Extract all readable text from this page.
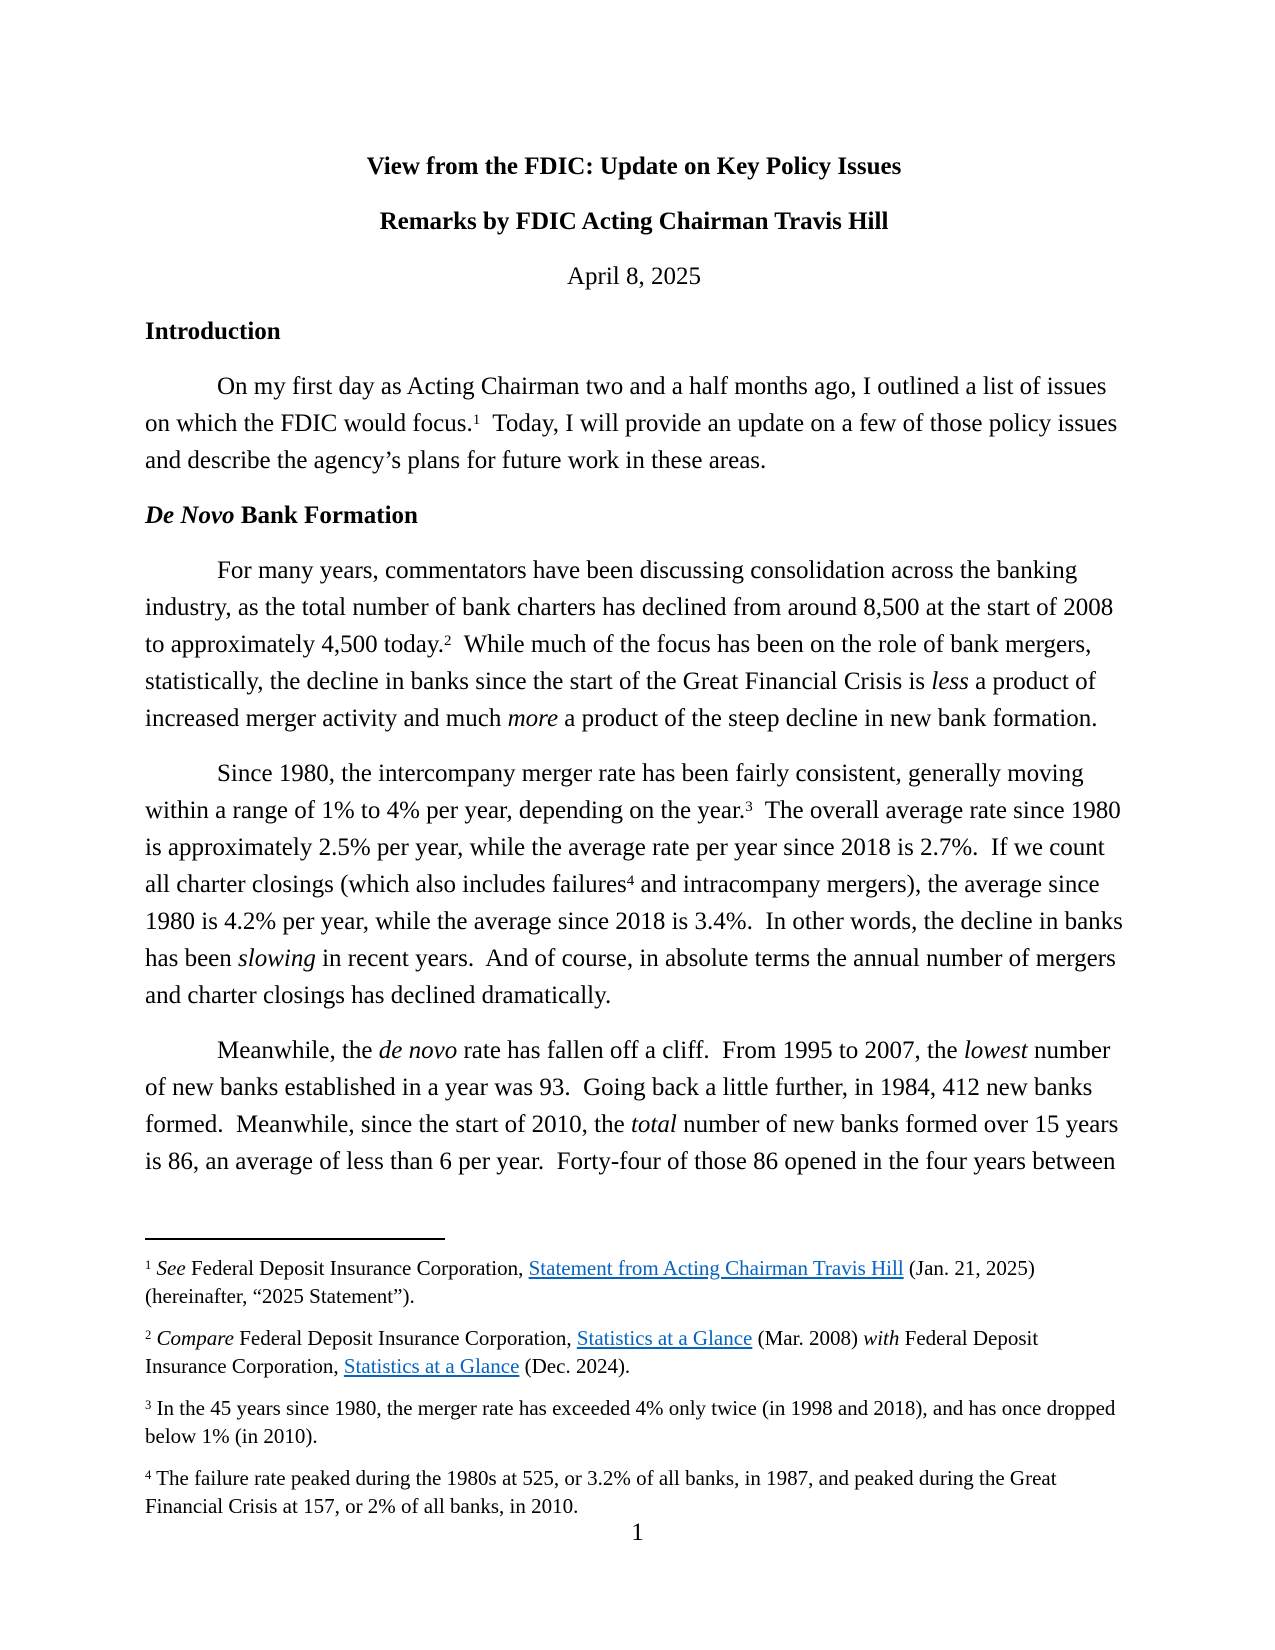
View from the FDIC: Update on Key Policy Issues
Remarks by FDIC Acting Chairman Travis Hill
April 8, 2025
Introduction

On my first day as Acting Chairman two and a half months ago, I outlined a list of issues on which the FDIC would focus.$^1$  Today, I will provide an update on a few of those policy issues and describe the agency’s plans for future work in these areas.

De Novo Bank Formation

For many years, commentators have been discussing consolidation across the banking industry, as the total number of bank charters has declined from around 8,500 at the start of 2008 to approximately 4,500 today.$^2$  While much of the focus has been on the role of bank mergers, statistically, the decline in banks since the start of the Great Financial Crisis is less a product of increased merger activity and much more a product of the steep decline in new bank formation.

Since 1980, the intercompany merger rate has been fairly consistent, generally moving within a range of 1% to 4% per year, depending on the year.$^3$  The overall average rate since 1980 is approximately 2.5% per year, while the average rate per year since 2018 is 2.7%.  If we count all charter closings (which also includes failures$^4$ and intracompany mergers), the average since 1980 is 4.2% per year, while the average since 2018 is 3.4%.  In other words, the decline in banks has been slowing in recent years.  And of course, in absolute terms the annual number of mergers and charter closings has declined dramatically.

Meanwhile, the de novo rate has fallen off a cliff.  From 1995 to 2007, the lowest number of new banks established in a year was 93.  Going back a little further, in 1984, 412 new banks formed.  Meanwhile, since the start of 2010, the total number of new banks formed over 15 years is 86, an average of less than 6 per year.  Forty-four of those 86 opened in the four years between

$^1$ See Federal Deposit Insurance Corporation, Statement from Acting Chairman Travis Hill (Jan. 21, 2025) (hereinafter, “2025 Statement”).

$^2$ Compare Federal Deposit Insurance Corporation, Statistics at a Glance (Mar. 2008) with Federal Deposit Insurance Corporation, Statistics at a Glance (Dec. 2024).

$^3$ In the 45 years since 1980, the merger rate has exceeded 4% only twice (in 1998 and 2018), and has once dropped below 1% (in 2010).

$^4$ The failure rate peaked during the 1980s at 525, or 3.2% of all banks, in 1987, and peaked during the Great Financial Crisis at 157, or 2% of all banks, in 2010.

1
